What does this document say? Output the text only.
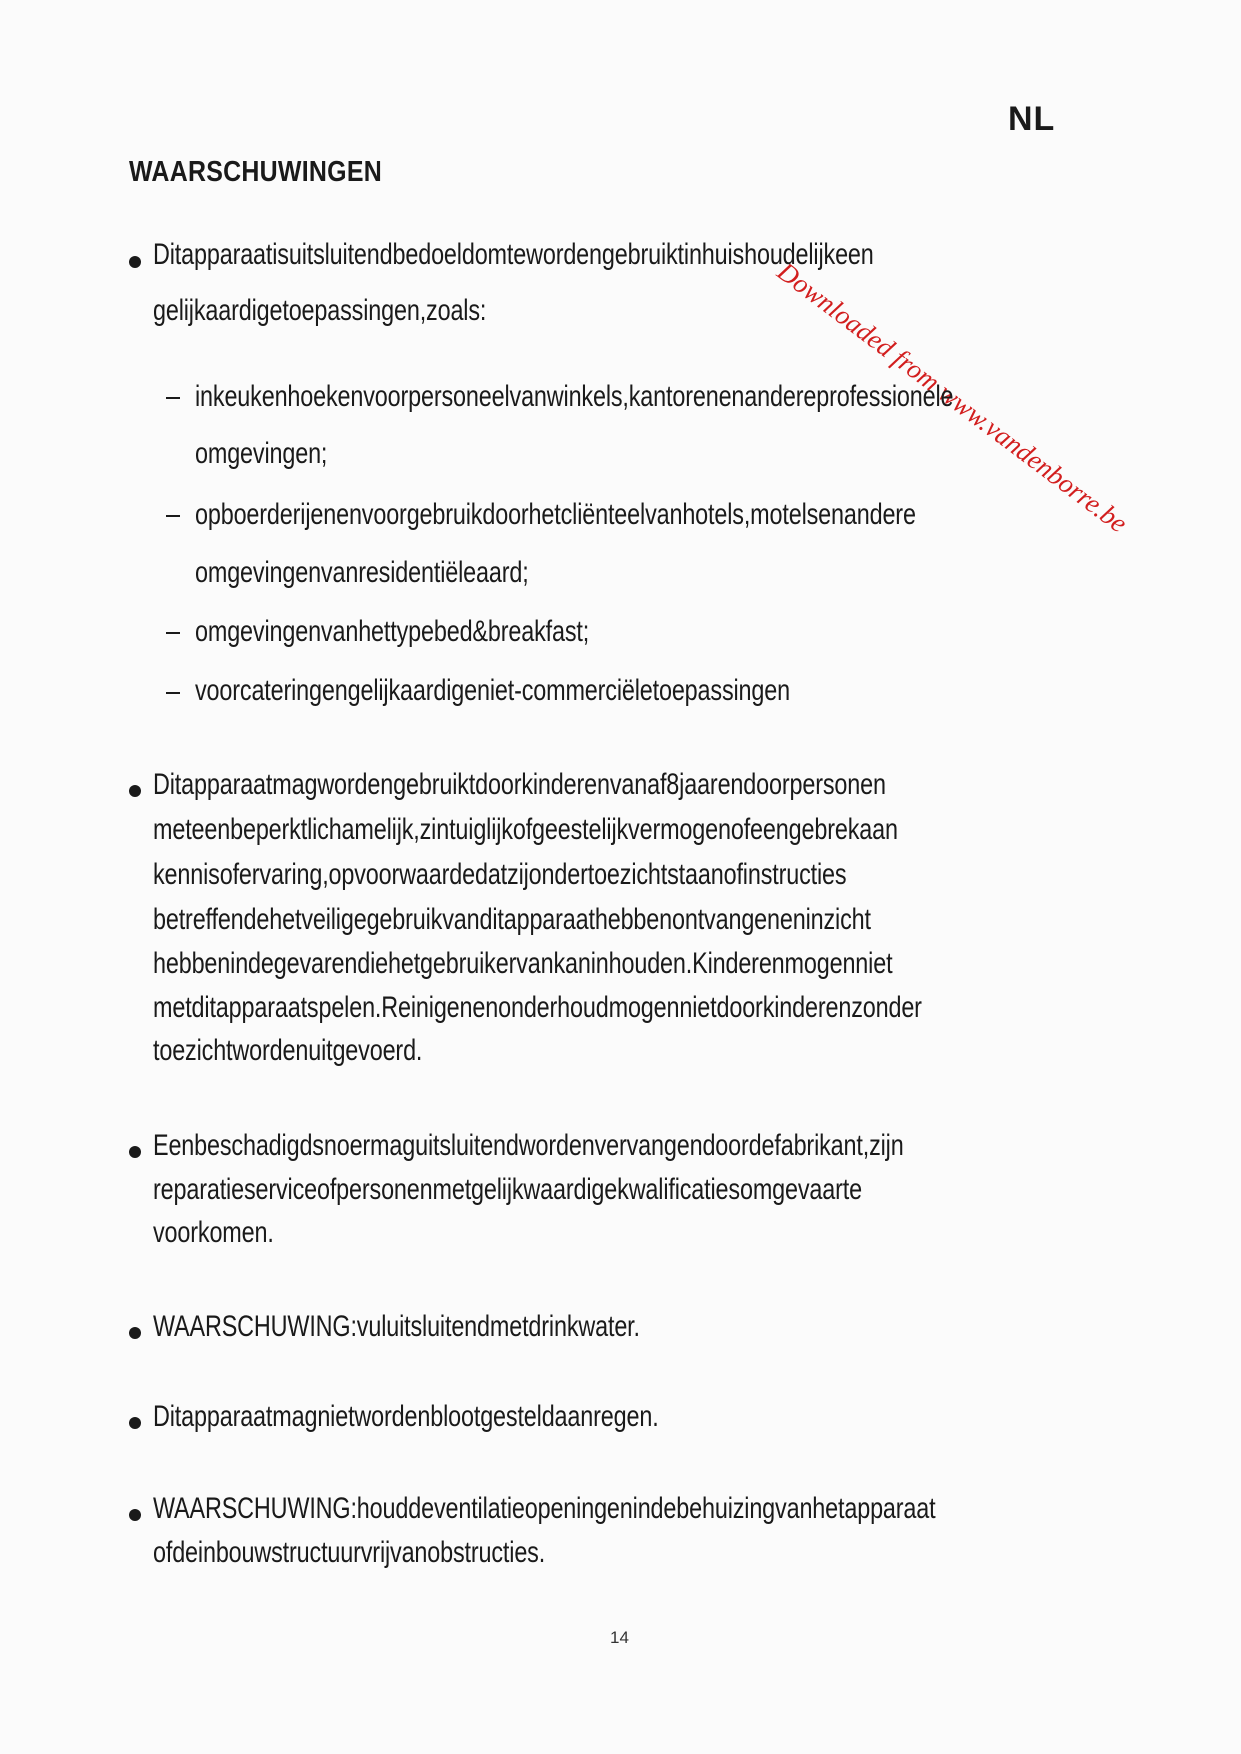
NL
Downloaded from www.vandenborre.be
WAARSCHUWINGEN
Ditapparaatisuitsluitendbedoeldomtewordengebruiktinhuishoudelijkeen
gelijkaardigetoepassingen,zoals:
inkeukenhoekenvoorpersoneelvanwinkels,kantorenenandereprofessionele
omgevingen;
opboerderijenenvoorgebruikdoorhetcliënteelvanhotels,motelsenandere
omgevingenvanresidentiëleaard;
omgevingenvanhettypebed&breakfast;
voorcateringengelijkaardigeniet-commerciëletoepassingen
Ditapparaatmagwordengebruiktdoorkinderenvanaf8jaarendoorpersonen
meteenbeperktlichamelijk,zintuiglijkofgeestelijkvermogenofeengebrekaan
kennisofervaring,opvoorwaardedatzijondertoezichtstaanofinstructies
betreffendehetveiligegebruikvanditapparaathebbenontvangeneninzicht
hebbenindegevarendiehetgebruikervankaninhouden.Kinderenmogenniet
metditapparaatspelen.Reinigenenonderhoudmogennietdoorkinderenzonder
toezichtwordenuitgevoerd.
Eenbeschadigdsnoermaguitsluitendwordenvervangendoordefabrikant,zijn
reparatieserviceofpersonenmetgelijkwaardigekwalificatiesomgevaarte
voorkomen.
WAARSCHUWING:vuluitsluitendmetdrinkwater.
Ditapparaatmagnietwordenblootgesteldaanregen.
WAARSCHUWING:houddeventilatieopeningenindebehuizingvanhetapparaat
ofdeinbouwstructuurvrijvanobstructies.
14
